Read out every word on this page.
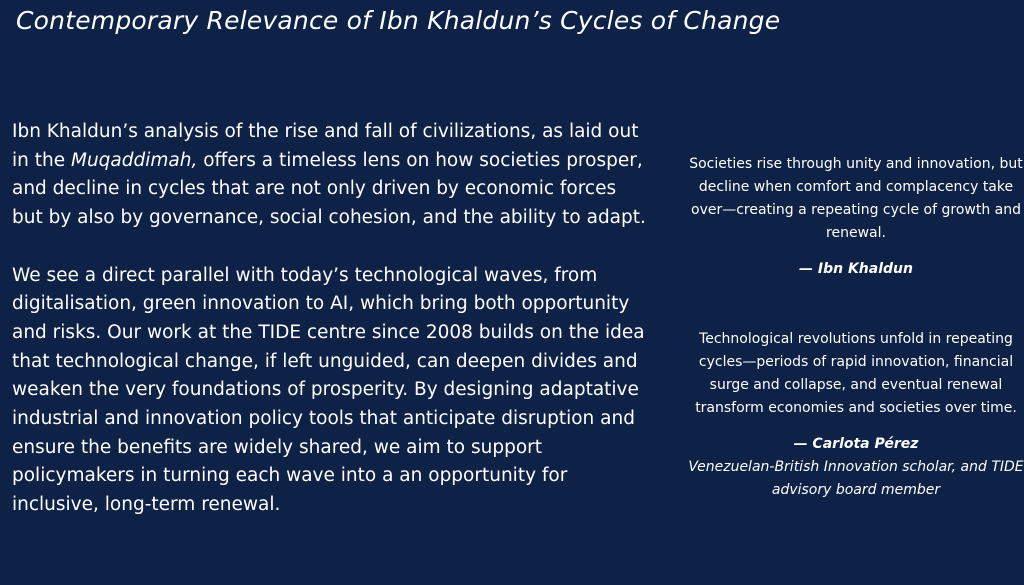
Contemporary Relevance of Ibn Khaldun’s Cycles of Change

Ibn Khaldun’s analysis of the rise and fall of civilizations, as laid out in the Muqaddimah, offers a timeless lens on how societies prosper, and decline in cycles that are not only driven by economic forces but by also by governance, social cohesion, and the ability to adapt.

We see a direct parallel with today’s technological waves, from digitalisation, green innovation to AI, which bring both opportunity and risks. Our work at the TIDE centre since 2008 builds on the idea that technological change, if left unguided, can deepen divides and weaken the very foundations of prosperity. By designing adaptative industrial and innovation policy tools that anticipate disruption and ensure the benefits are widely shared, we aim to support policymakers in turning each wave into a an opportunity for inclusive, long-term renewal.

Societies rise through unity and innovation, but decline when comfort and complacency take over—creating a repeating cycle of growth and renewal.

— Ibn Khaldun

Technological revolutions unfold in repeating cycles—periods of rapid innovation, financial surge and collapse, and eventual renewal transform economies and societies over time.

— Carlota Pérez

Venezuelan-British Innovation scholar, and TIDE advisory board member
